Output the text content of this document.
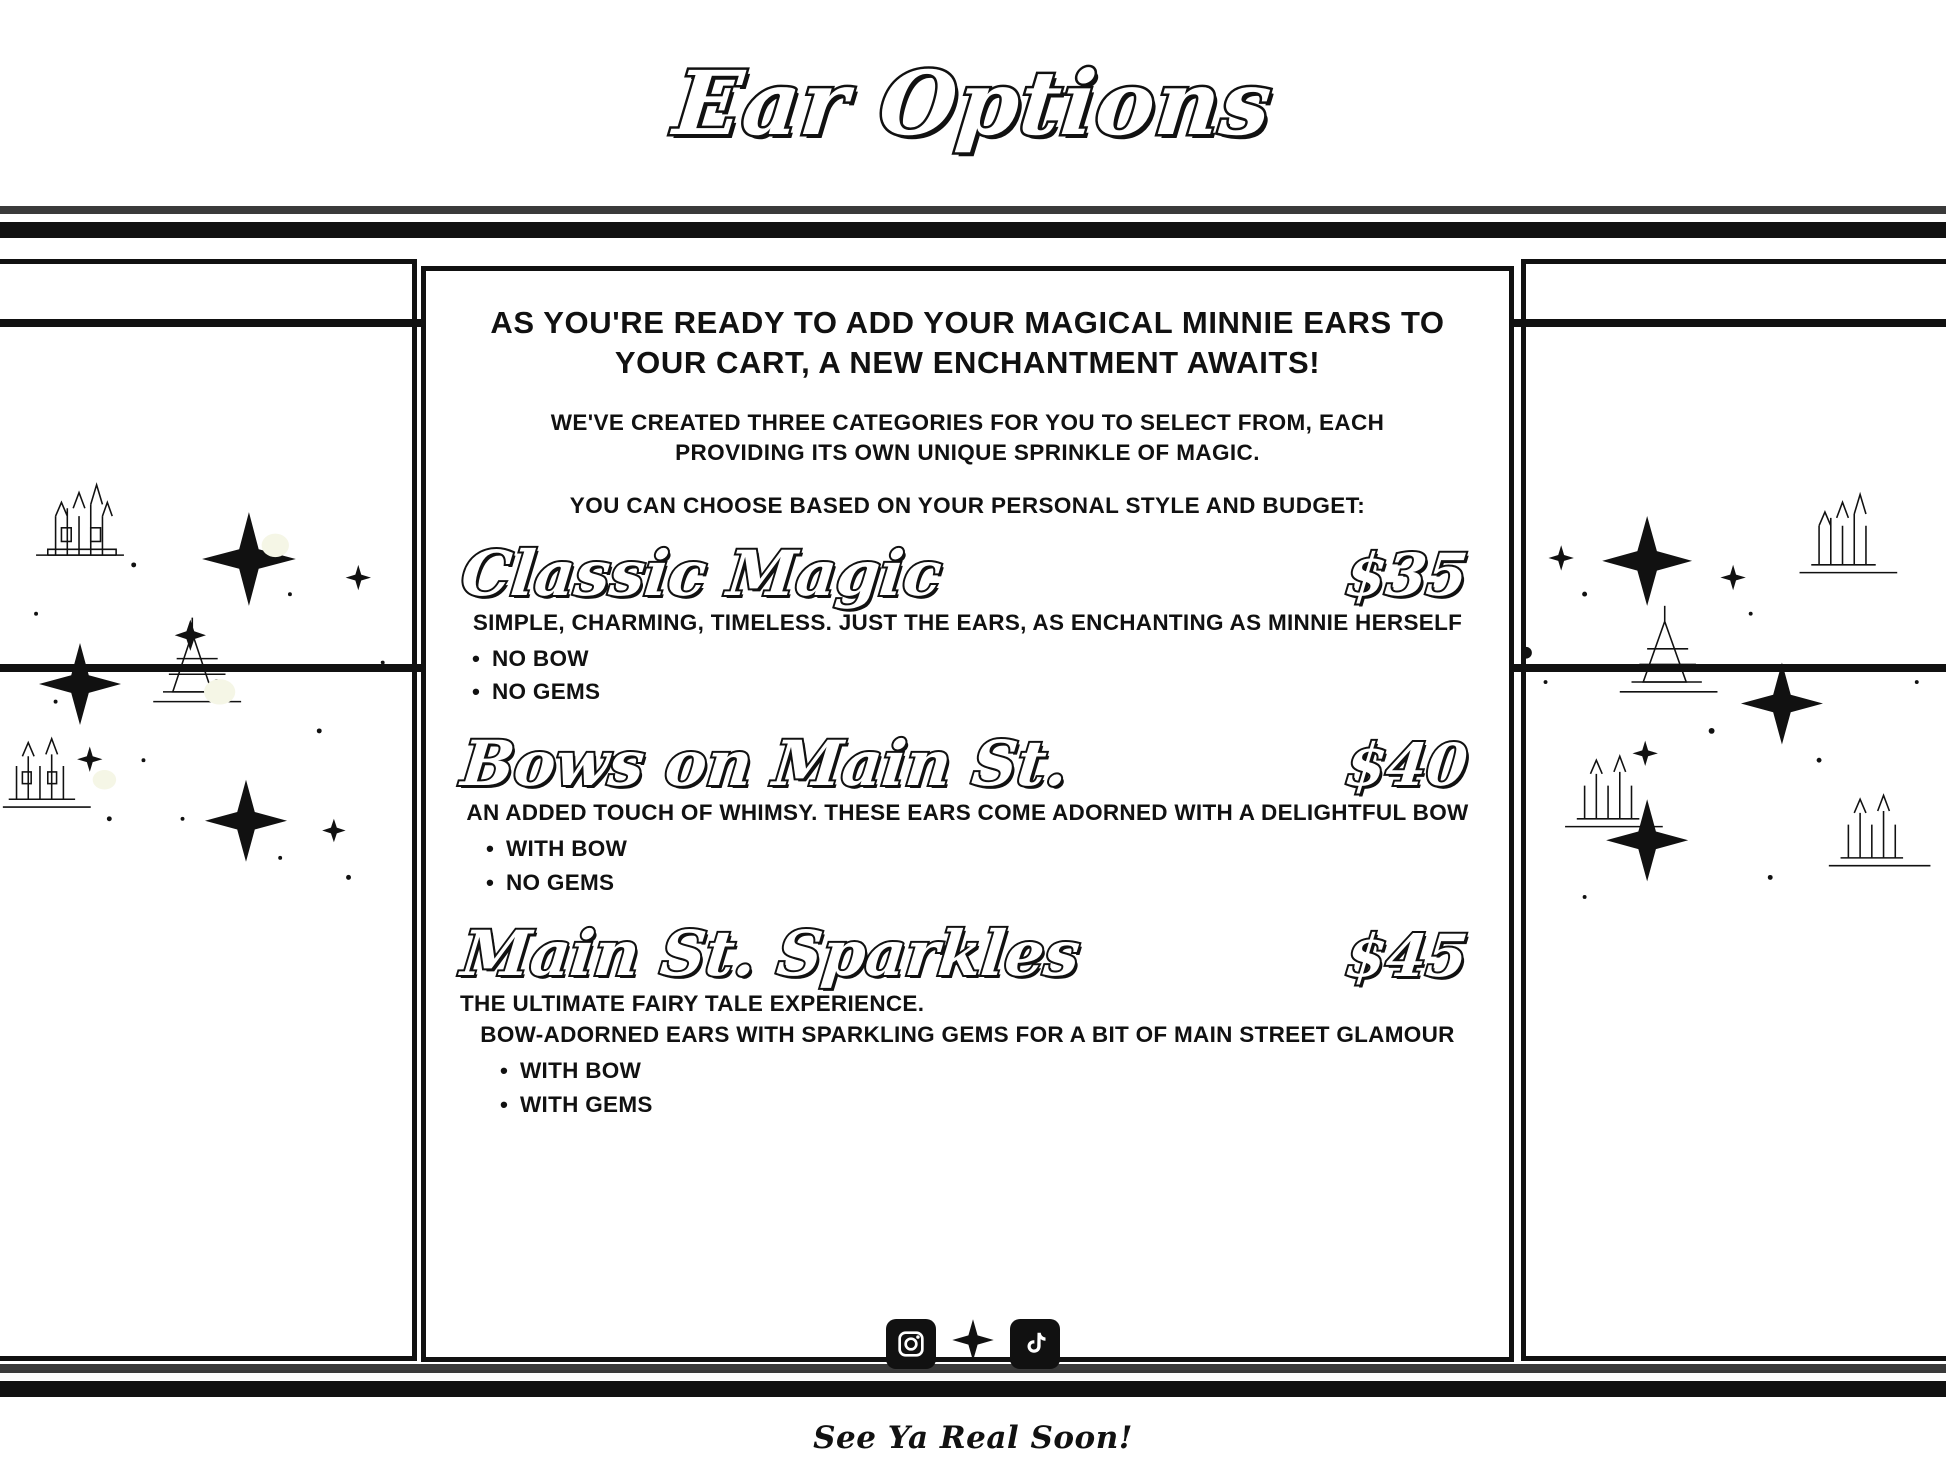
Ear Options
AS YOU'RE READY TO ADD YOUR MAGICAL MINNIE EARS TO YOUR CART, A NEW ENCHANTMENT AWAITS!
WE'VE CREATED THREE CATEGORIES FOR YOU TO SELECT FROM, EACH PROVIDING ITS OWN UNIQUE SPRINKLE OF MAGIC.
YOU CAN CHOOSE BASED ON YOUR PERSONAL STYLE AND BUDGET:
Classic Magic	$35
SIMPLE, CHARMING, TIMELESS. JUST THE EARS, AS ENCHANTING AS MINNIE HERSELF
• NO BOW
• NO GEMS
Bows on Main St.	$40
AN ADDED TOUCH OF WHIMSY. THESE EARS COME ADORNED WITH A DELIGHTFUL BOW
• WITH BOW
• NO GEMS
Main St. Sparkles	$45
THE ULTIMATE FAIRY TALE EXPERIENCE.
BOW-ADORNED EARS WITH SPARKLING GEMS FOR A BIT OF MAIN STREET GLAMOUR
• WITH BOW
• WITH GEMS
See Ya Real Soon!
